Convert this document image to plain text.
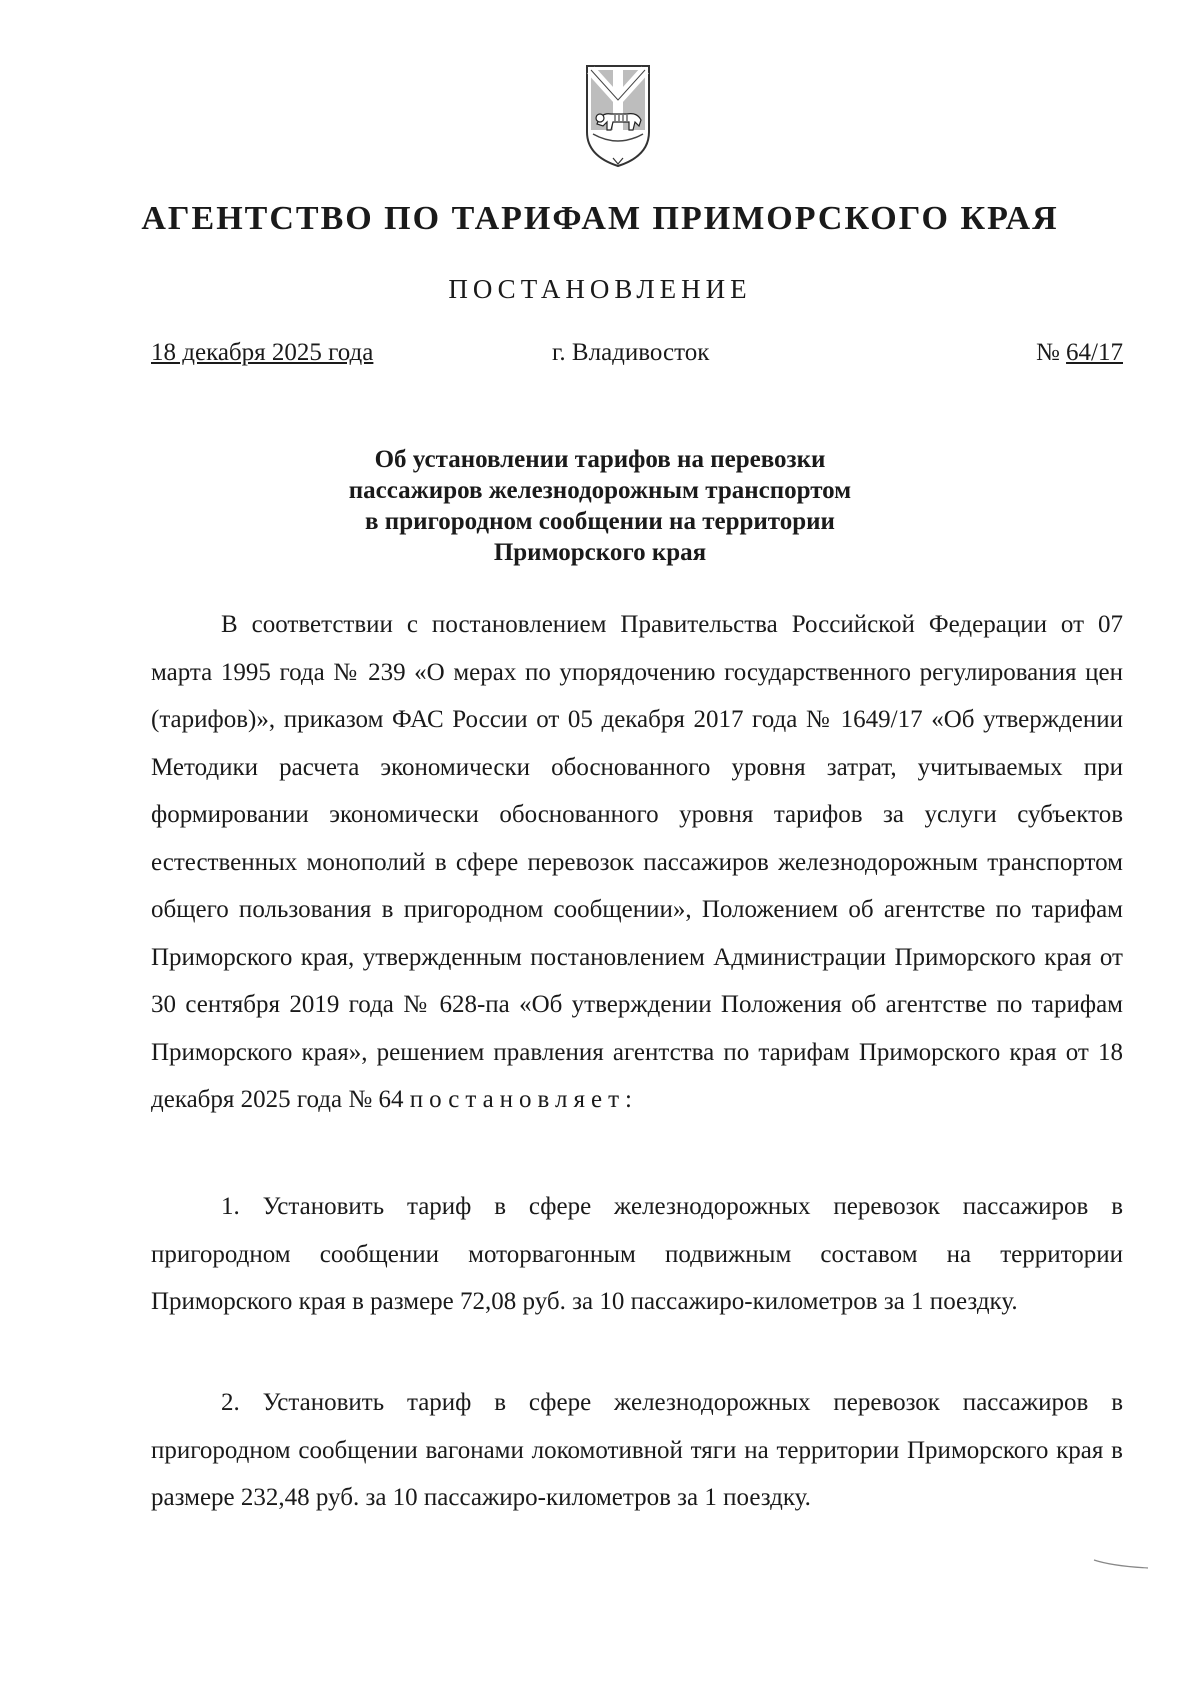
АГЕНТСТВО ПО ТАРИФАМ ПРИМОРСКОГО КРАЯ
ПОСТАНОВЛЕНИЕ
18 декабря 2025 года	г. Владивосток	№ 64/17
Об установлении тарифов на перевозки
пассажиров железнодорожным транспортом
в пригородном сообщении на территории
Приморского края

В соответствии с постановлением Правительства Российской Федерации от 07 марта 1995 года № 239 «О мерах по упорядочению государственного регулирования цен (тарифов)», приказом ФАС России от 05 декабря 2017 года № 1649/17 «Об утверждении Методики расчета экономически обоснованного уровня затрат, учитываемых при формировании экономически обоснованного уровня тарифов за услуги субъектов естественных монополий в сфере перевозок пассажиров железнодорожным транспортом общего пользования в пригородном сообщении», Положением об агентстве по тарифам Приморского края, утвержденным постановлением Администрации Приморского края от 30 сентября 2019 года № 628-па «Об утверждении Положения об агентстве по тарифам Приморского края», решением правления агентства по тарифам Приморского края от 18 декабря 2025 года № 64 постановляет:

1. Установить тариф в сфере железнодорожных перевозок пассажиров в пригородном сообщении моторвагонным подвижным составом на территории Приморского края в размере 72,08 руб. за 10 пассажиро-километров за 1 поездку.

2. Установить тариф в сфере железнодорожных перевозок пассажиров в пригородном сообщении вагонами локомотивной тяги на территории Приморского края в размере 232,48 руб. за 10 пассажиро-километров за 1 поездку.
